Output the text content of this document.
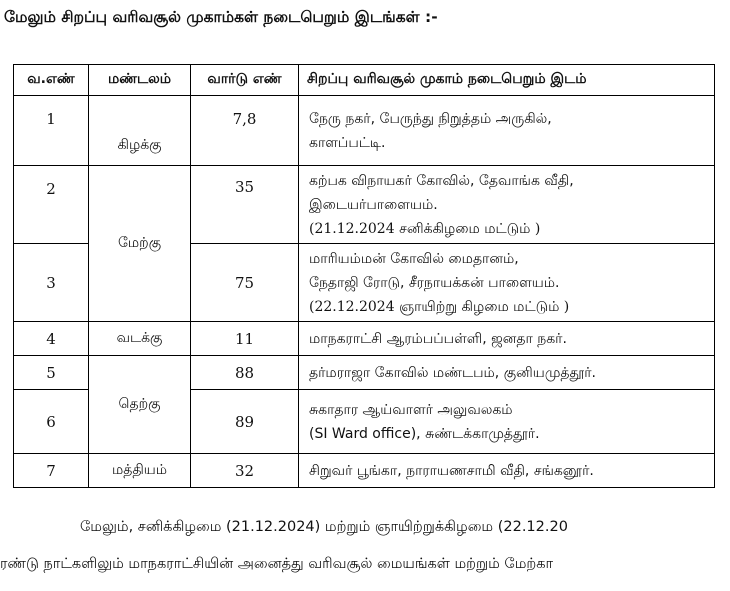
மேலும் சிறப்பு வரிவசூல் முகாம்கள் நடைபெறும் இடங்கள் :-
வ.எண்	மண்டலம்	வார்டு எண்	சிறப்பு வரிவசூல் முகாம் நடைபெறும் இடம்
1	கிழக்கு	7,8	நேரு நகர், பேருந்து நிறுத்தம் அருகில்,
காளப்பட்டி.

2	மேற்கு	35	கற்பக விநாயகர் கோவில், தேவாங்க வீதி,
இடையர்பாளையம்.
(21.12.2024 சனிக்கிழமை மட்டும் )

3		75	மாரியம்மன் கோவில் மைதானம்,
நேதாஜி ரோடு, சீரநாயக்கன் பாளையம்.
(22.12.2024 ஞாயிற்று கிழமை மட்டும் )

4	வடக்கு	11	மாநகராட்சி ஆரம்பப்பள்ளி, ஜனதா நகர்.

5	தெற்கு	88	தர்மராஜா கோவில் மண்டபம், குனியமுத்தூர்.

6		89	சுகாதார ஆய்வாளர் அலுவலகம்
(SI Ward office), சுண்டக்காமுத்தூர்.

7	மத்தியம்	32	சிறுவர் பூங்கா, நாராயணசாமி வீதி, சங்கனூர்.
மேலும், சனிக்கிழமை (21.12.2024) மற்றும் ஞாயிற்றுக்கிழமை (22.12.20
ரண்டு நாட்களிலும் மாநகராட்சியின் அனைத்து வரிவசூல் மையங்கள் மற்றும் மேற்கா
